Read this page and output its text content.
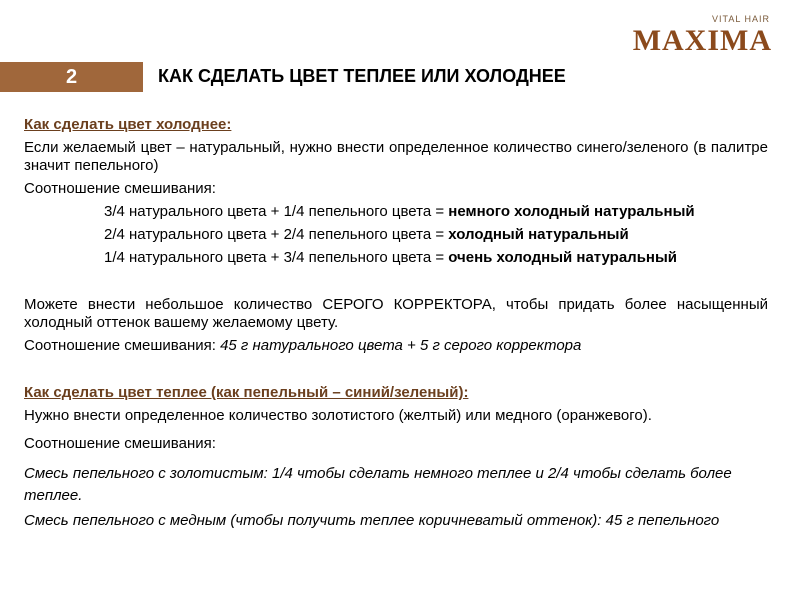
VITAL HAIR
MAXIMA
2	КАК СДЕЛАТЬ ЦВЕТ ТЕПЛЕЕ ИЛИ ХОЛОДНЕЕ

Как сделать цвет холоднее:

Если желаемый цвет – натуральный, нужно внести определенное количество синего/зеленого (в палитре значит пепельного)

Соотношение смешивания:

3/4 натурального цвета + 1/4 пепельного цвета = немного холодный натуральный

2/4 натурального цвета + 2/4 пепельного цвета = холодный натуральный

1/4 натурального цвета + 3/4 пепельного цвета = очень холодный натуральный

Можете внести небольшое количество СЕРОГО КОРРЕКТОРА, чтобы придать более насыщенный холодный оттенок вашему желаемому цвету.

Соотношение смешивания: 45 г натурального цвета + 5 г серого корректора

Как сделать цвет теплее (как пепельный – синий/зеленый):

Нужно внести определенное количество золотистого (желтый) или медного (оранжевого).

Соотношение смешивания:

Смесь пепельного с золотистым: 1/4 чтобы сделать немного теплее и 2/4 чтобы сделать более теплее.

Смесь пепельного с медным (чтобы получить теплее коричневатый оттенок): 45 г пепельного
